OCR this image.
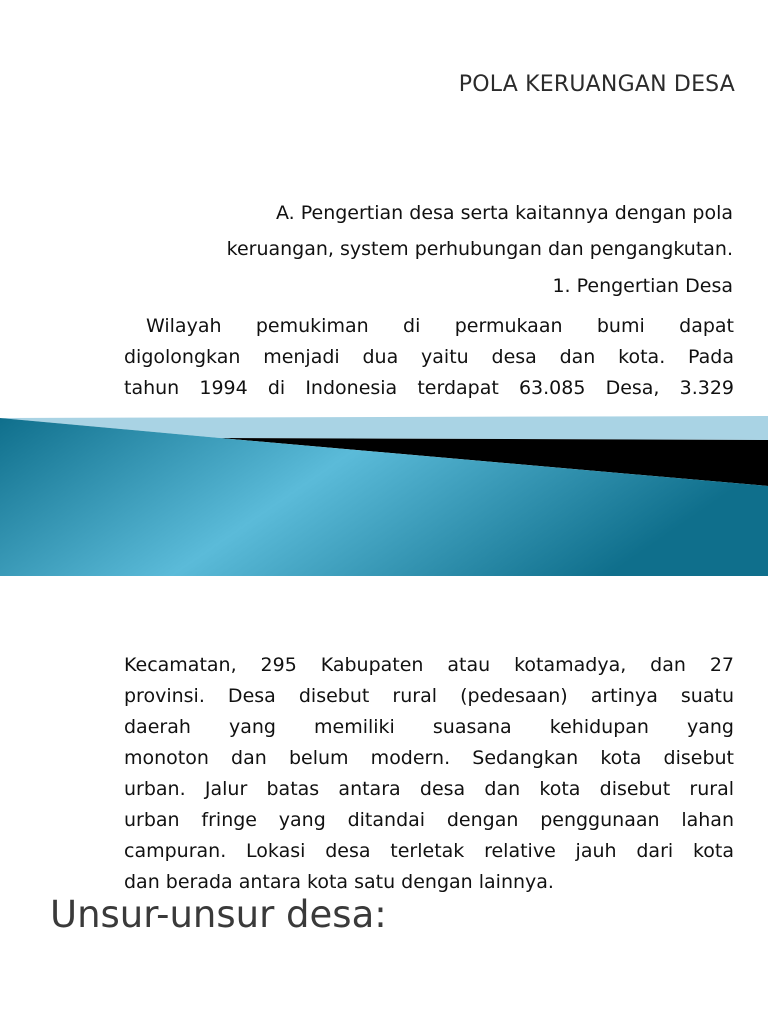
POLA KERUANGAN DESA
A. Pengertian desa serta kaitannya dengan pola
keruangan, system perhubungan dan pengangkutan.
1. Pengertian Desa
Wilayah pemukiman di permukaan bumi dapat
digolongkan menjadi dua yaitu desa dan kota. Pada
tahun 1994 di Indonesia terdapat 63.085 Desa, 3.329
Kecamatan, 295 Kabupaten atau kotamadya, dan 27
provinsi. Desa disebut rural (pedesaan) artinya suatu
daerah yang memiliki suasana kehidupan yang
monoton dan belum modern. Sedangkan kota disebut
urban. Jalur batas antara desa dan kota disebut rural
urban fringe yang ditandai dengan penggunaan lahan
campuran. Lokasi desa terletak relative jauh dari kota
dan berada antara kota satu dengan lainnya.
Unsur-unsur desa:
